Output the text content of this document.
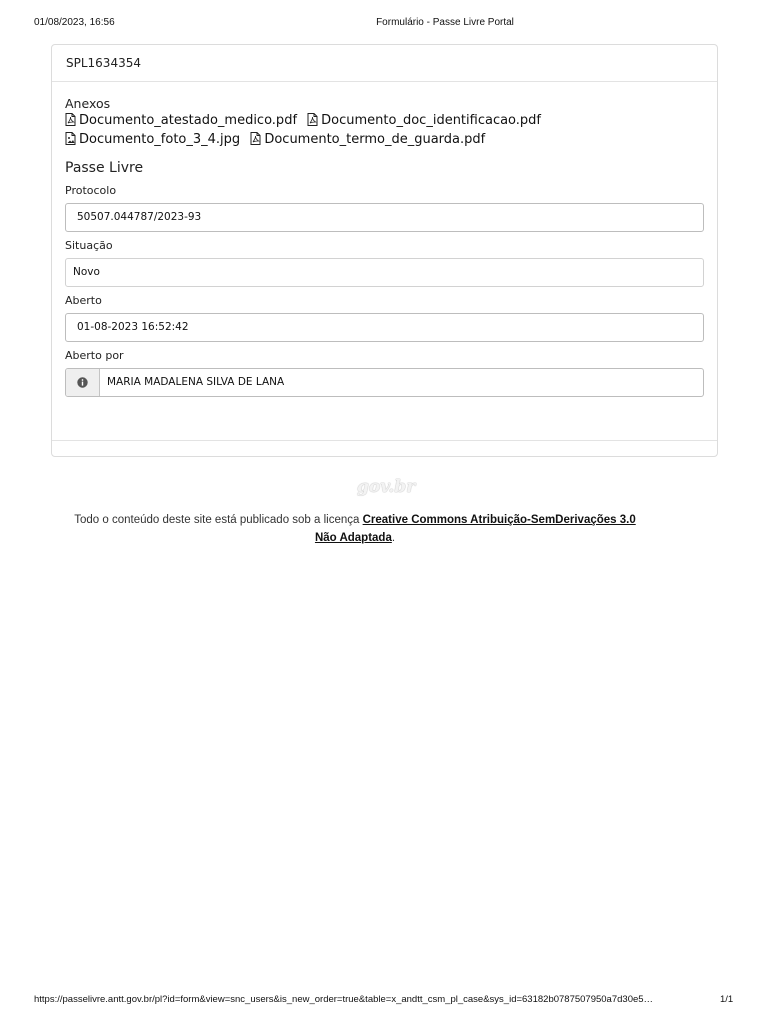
01/08/2023, 16:56	Formulário - Passe Livre Portal
SPL1634354
Anexos
Documento_atestado_medico.pdf Documento_doc_identificacao.pdf Documento_foto_3_4.jpg Documento_termo_de_guarda.pdf
Passe Livre
Protocolo
50507.044787/2023-93
Situação
Novo
Aberto
01-08-2023 16:52:42
Aberto por
MARIA MADALENA SILVA DE LANA
gov.br
Todo o conteúdo deste site está publicado sob a licença Creative Commons Atribuição-SemDerivações 3.0
Não Adaptada.
https://passelivre.antt.gov.br/pl?id=form&view=snc_users&is_new_order=true&table=x_andtt_csm_pl_case&sys_id=63182b0787507950a7d30e5…	1/1
